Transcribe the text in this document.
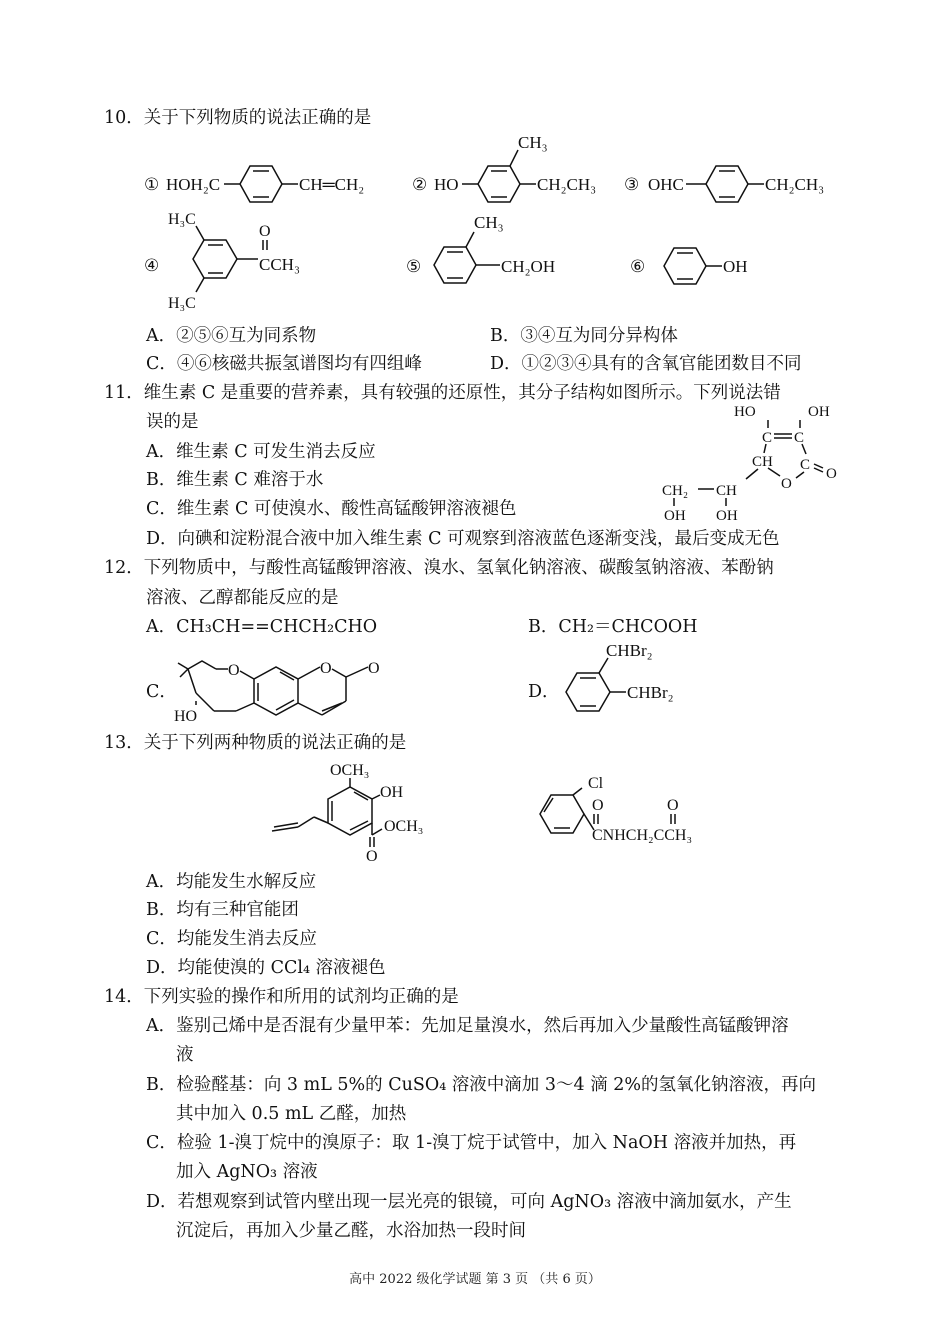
10．关于下列物质的说法正确的是
① HOH₂C	CH═CH₂	② HO
CH₃
CH₂CH₃ ③ OHC	CH₂CH₃
④
H₃C
H₃C
O
CCH₃	⑤
CH₃
CH₂OH	⑥	OH
A．②⑤⑥互为同系物	B．③④互为同分异构体
C．④⑥核磁共振氢谱图均有四组峰	D．①②③④具有的含氧官能团数目不同
11．维生素 C 是重要的营养素，具有较强的还原性，其分子结构如图所示。下列说法错
误的是
A．维生素 C 可发生消去反应
B．维生素 C 难溶于水
C．维生素 C 可使溴水、酸性高锰酸钾溶液褪色
D．向碘和淀粉混合液中加入维生素 C 可观察到溶液蓝色逐渐变浅，最后变成无色
HO	OH
C C
CH C
O
O
CH₂ CH
OH OH
12．下列物质中，与酸性高锰酸钾溶液、溴水、氢氧化钠溶液、碳酸氢钠溶液、苯酚钠
溶液、乙醇都能反应的是
A．CH₃CH==CHCH₂CHO	B．CH₂＝CHCOOH
C．	D．
O
HO
O O
CHBr₂
CHBr₂
13．关于下列两种物质的说法正确的是
OCH₃
OH
OCH₃
O
Cl
O	O
CNHCH₂CCH₃
A．均能发生水解反应
B．均有三种官能团
C．均能发生消去反应
D．均能使溴的 CCl₄ 溶液褪色
14．下列实验的操作和所用的试剂均正确的是
A．鉴别己烯中是否混有少量甲苯：先加足量溴水，然后再加入少量酸性高锰酸钾溶
液
B．检验醛基：向 3 mL 5%的 CuSO₄ 溶液中滴加 3～4 滴 2%的氢氧化钠溶液，再向
其中加入 0.5 mL 乙醛，加热
C．检验 1-溴丁烷中的溴原子：取 1-溴丁烷于试管中，加入 NaOH 溶液并加热，再
加入 AgNO₃ 溶液
D．若想观察到试管内壁出现一层光亮的银镜，可向 AgNO₃ 溶液中滴加氨水，产生
沉淀后，再加入少量乙醛，水浴加热一段时间
高中 2022 级化学试题 第 3 页 （共 6 页）
